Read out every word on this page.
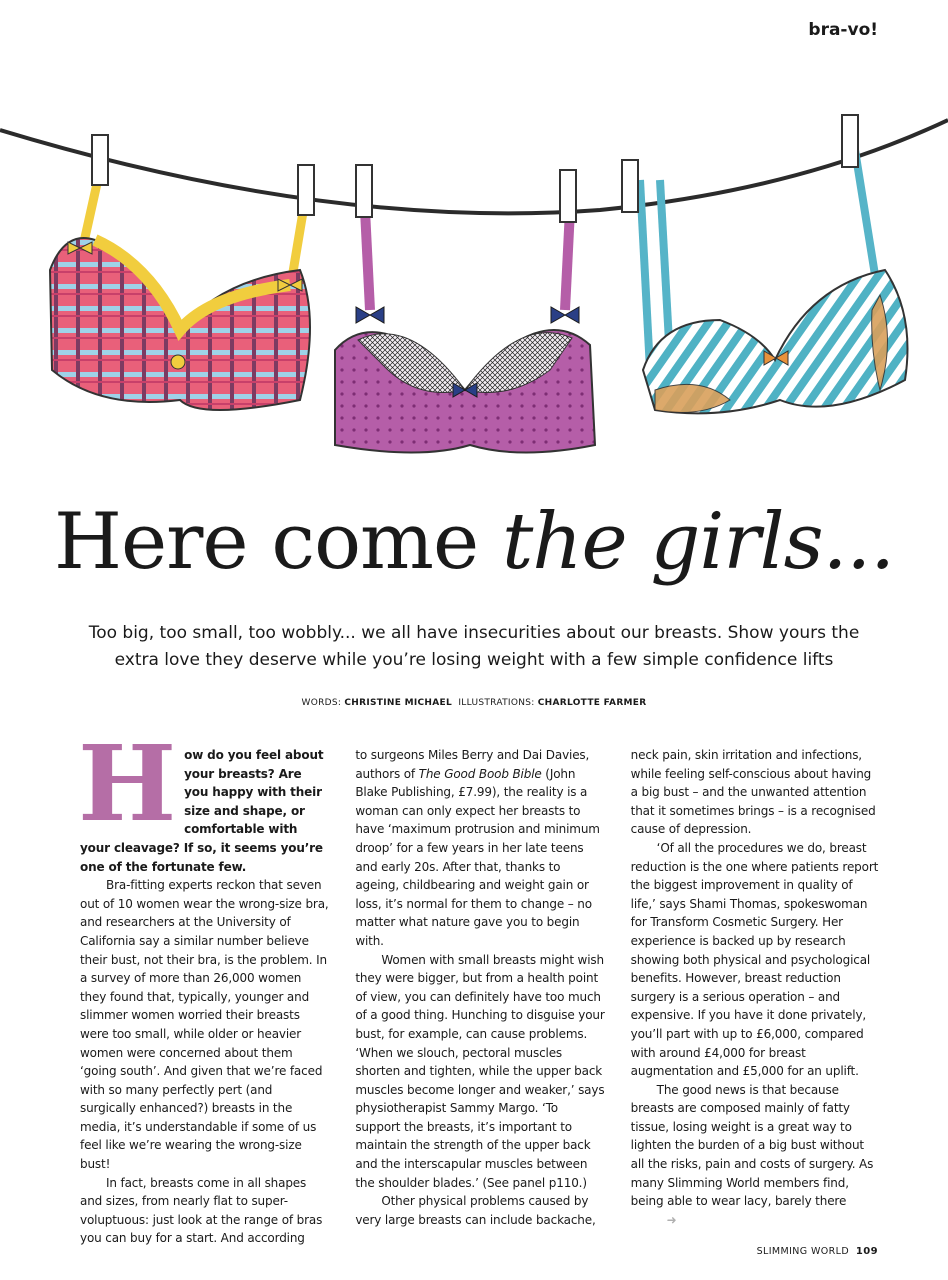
bra-vo!
Here come the girls...
Too big, too small, too wobbly... we all have insecurities about our breasts. Show yours the extra love they deserve while you’re losing weight with a few simple confidence lifts
WORDS: CHRISTINE MICHAEL ILLUSTRATIONS: CHARLOTTE FARMER

How do you feel about your breasts? Are you happy with their size and shape, or comfortable with your cleavage? If so, it seems you’re one of the fortunate few.

Bra-fitting experts reckon that seven out of 10 women wear the wrong-size bra, and researchers at the University of California say a similar number believe their bust, not their bra, is the problem. In a survey of more than 26,000 women they found that, typically, younger and slimmer women worried their breasts were too small, while older or heavier women were concerned about them ‘going south’. And given that we’re faced with so many perfectly pert (and surgically enhanced?) breasts in the media, it’s understandable if some of us feel like we’re wearing the wrong-size bust!

In fact, breasts come in all shapes and sizes, from nearly flat to super-voluptuous: just look at the range of bras you can buy for a start. And according

to surgeons Miles Berry and Dai Davies, authors of The Good Boob Bible (John Blake Publishing, £7.99), the reality is a woman can only expect her breasts to have ‘maximum protrusion and minimum droop’ for a few years in her late teens and early 20s. After that, thanks to ageing, childbearing and weight gain or loss, it’s normal for them to change – no matter what nature gave you to begin with.

Women with small breasts might wish they were bigger, but from a health point of view, you can definitely have too much of a good thing. Hunching to disguise your bust, for example, can cause problems. ‘When we slouch, pectoral muscles shorten and tighten, while the upper back muscles become longer and weaker,’ says physiotherapist Sammy Margo. ‘To support the breasts, it’s important to maintain the strength of the upper back and the interscapular muscles between the shoulder blades.’ (See panel p110.)

Other physical problems caused by very large breasts can include backache,

neck pain, skin irritation and infections, while feeling self-conscious about having a big bust – and the unwanted attention that it sometimes brings – is a recognised cause of depression.

‘Of all the procedures we do, breast reduction is the one where patients report the biggest improvement in quality of life,’ says Shami Thomas, spokeswoman for Transform Cosmetic Surgery. Her experience is backed up by research showing both physical and psychological benefits. However, breast reduction surgery is a serious operation – and expensive. If you have it done privately, you’ll part with up to £6,000, compared with around £4,000 for breast augmentation and £5,000 for an uplift.

The good news is that because breasts are composed mainly of fatty tissue, losing weight is a great way to lighten the burden of a big bust without all the risks, pain and costs of surgery. As many Slimming World members find, being able to wear lacy, barely there➜

SLIMMING WORLD 109
